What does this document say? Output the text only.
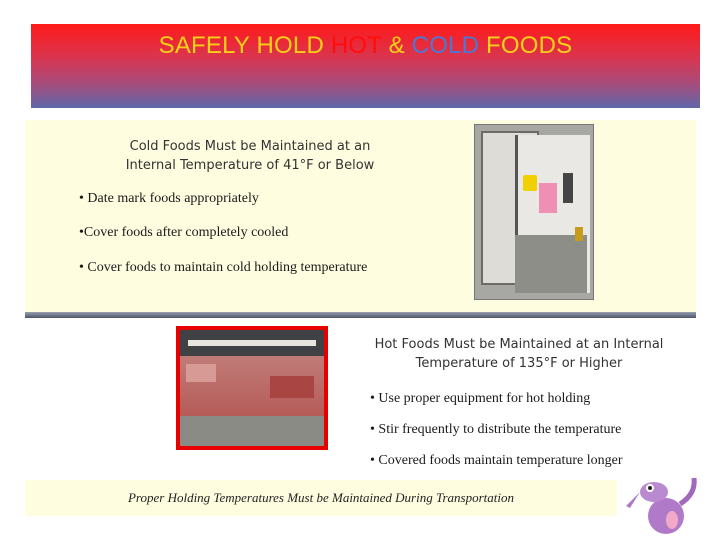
SAFELY HOLD HOT & COLD FOODS
Cold Foods Must be Maintained at an
Internal Temperature of 41°F or Below
• Date mark foods appropriately
•Cover foods after completely cooled
• Cover foods to maintain cold holding temperature
Hot Foods Must be Maintained at an Internal
Temperature of 135°F or Higher
• Use proper equipment for hot holding
• Stir frequently to distribute the temperature
• Covered foods maintain temperature longer
Proper Holding Temperatures Must be Maintained During Transportation
